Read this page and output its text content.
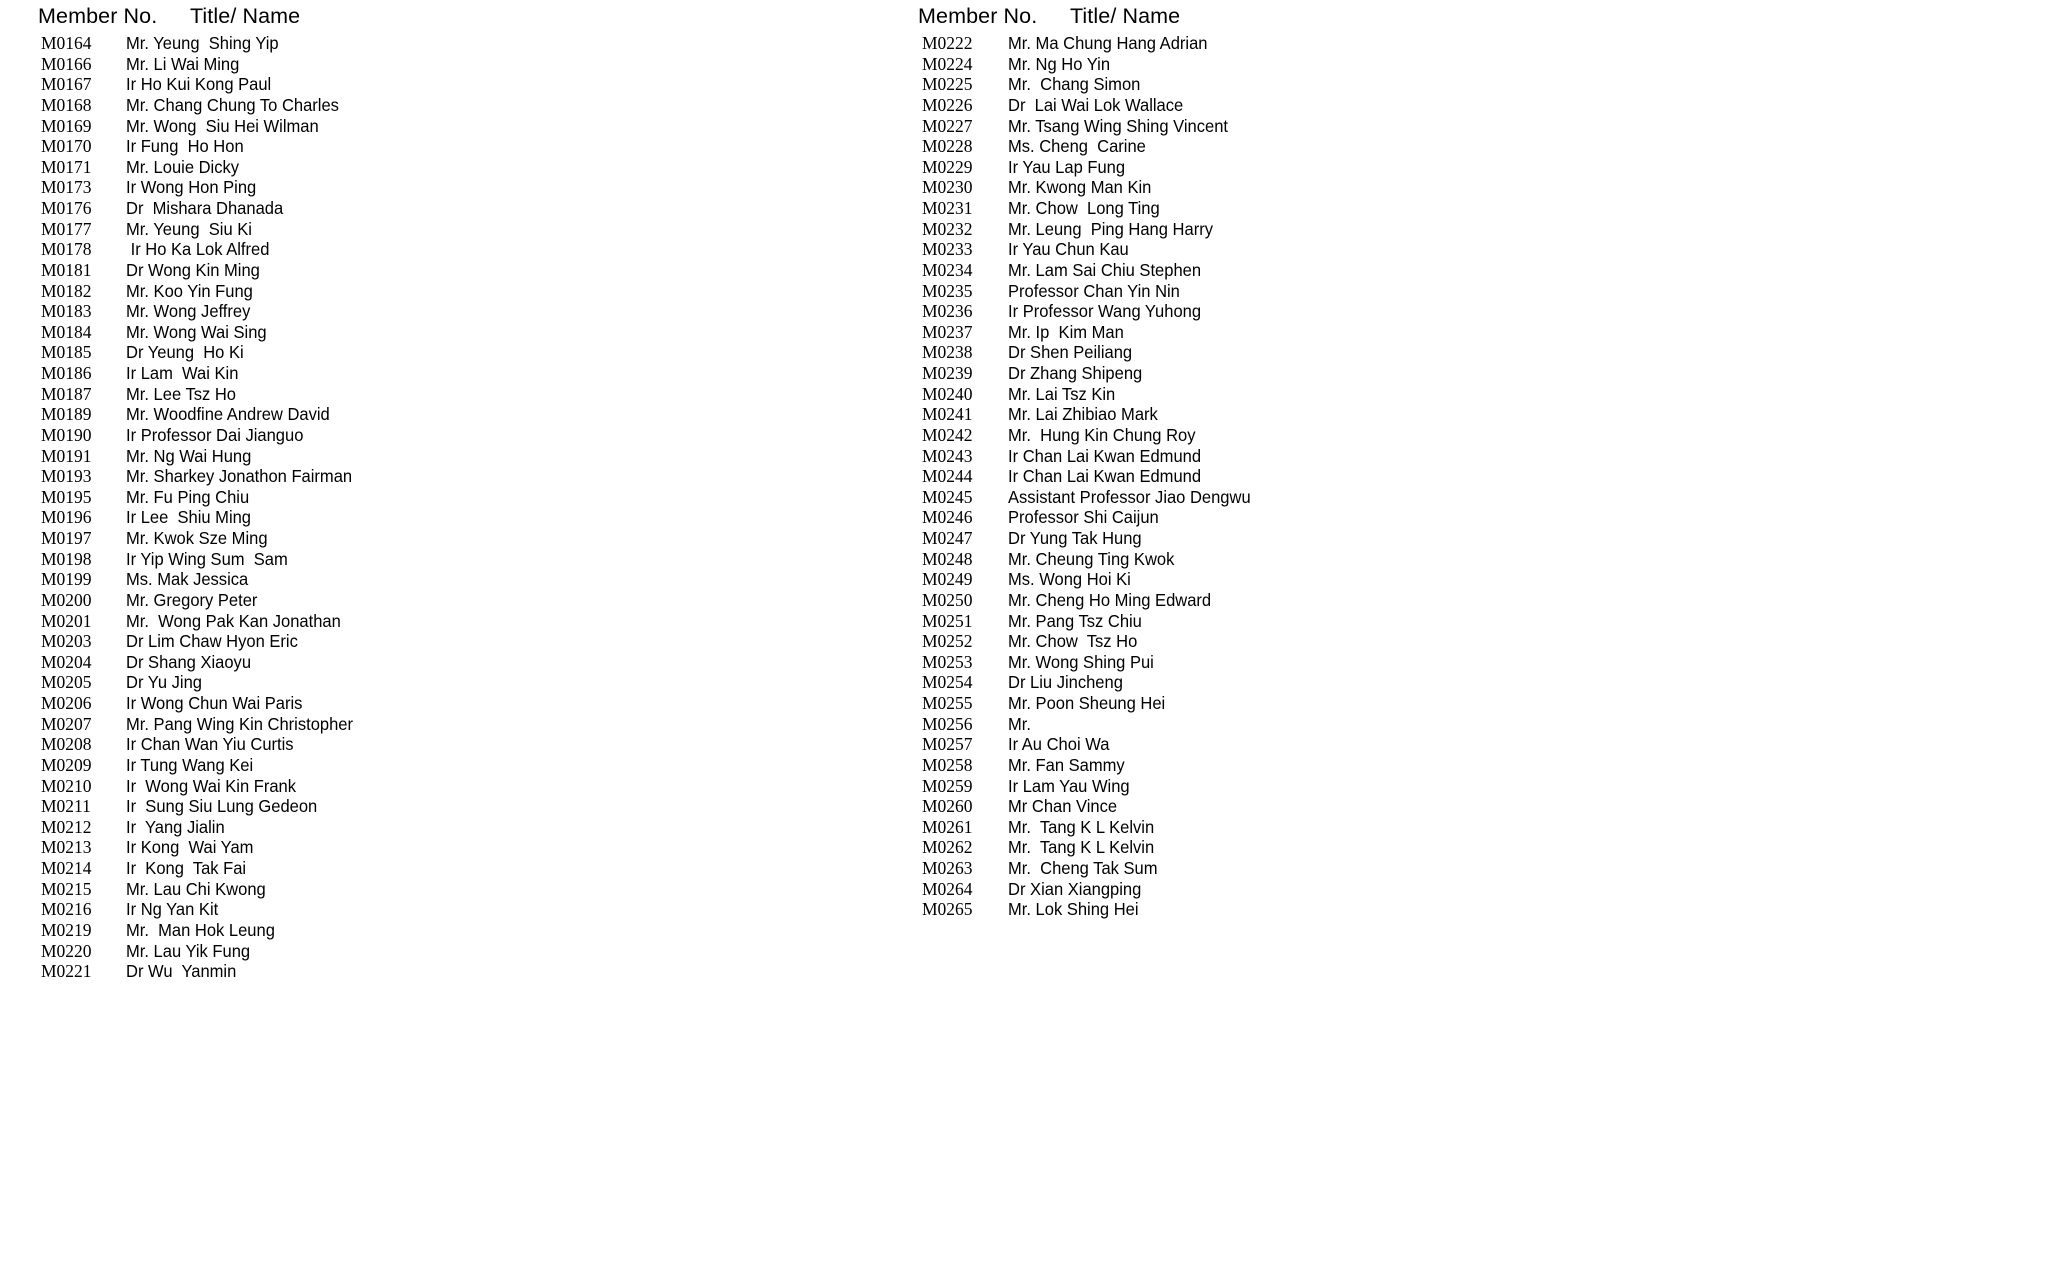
Member No. Title/ Name
M0164 Mr. Yeung  Shing Yip
M0166 Mr. Li Wai Ming
M0167 Ir Ho Kui Kong Paul
M0168 Mr. Chang Chung To Charles
M0169 Mr. Wong  Siu Hei Wilman
M0170 Ir Fung  Ho Hon
M0171 Mr. Louie Dicky
M0173 Ir Wong Hon Ping
M0176 Dr  Mishara Dhanada
M0177 Mr. Yeung  Siu Ki
M0178 Ir Ho Ka Lok Alfred
M0181 Dr Wong Kin Ming
M0182 Mr. Koo Yin Fung
M0183 Mr. Wong Jeffrey
M0184 Mr. Wong Wai Sing
M0185 Dr Yeung  Ho Ki
M0186 Ir Lam  Wai Kin
M0187 Mr. Lee Tsz Ho
M0189 Mr. Woodfine Andrew David
M0190 Ir Professor Dai Jianguo
M0191 Mr. Ng Wai Hung
M0193 Mr. Sharkey Jonathon Fairman
M0195 Mr. Fu Ping Chiu
M0196 Ir Lee  Shiu Ming
M0197 Mr. Kwok Sze Ming
M0198 Ir Yip Wing Sum  Sam
M0199 Ms. Mak Jessica
M0200 Mr. Gregory Peter
M0201 Mr.  Wong Pak Kan Jonathan
M0203 Dr Lim Chaw Hyon Eric
M0204 Dr Shang Xiaoyu
M0205 Dr Yu Jing
M0206 Ir Wong Chun Wai Paris
M0207 Mr. Pang Wing Kin Christopher
M0208 Ir Chan Wan Yiu Curtis
M0209 Ir Tung Wang Kei
M0210 Ir  Wong Wai Kin Frank
M0211 Ir  Sung Siu Lung Gedeon
M0212 Ir  Yang Jialin
M0213 Ir Kong  Wai Yam
M0214 Ir  Kong  Tak Fai
M0215 Mr. Lau Chi Kwong
M0216 Ir Ng Yan Kit
M0219 Mr.  Man Hok Leung
M0220 Mr. Lau Yik Fung
M0221 Dr Wu  Yanmin
Member No. Title/ Name
M0222 Mr. Ma Chung Hang Adrian
M0224 Mr. Ng Ho Yin
M0225 Mr.  Chang Simon
M0226 Dr  Lai Wai Lok Wallace
M0227 Mr. Tsang Wing Shing Vincent
M0228 Ms. Cheng  Carine
M0229 Ir Yau Lap Fung
M0230 Mr. Kwong Man Kin
M0231 Mr. Chow  Long Ting
M0232 Mr. Leung  Ping Hang Harry
M0233 Ir Yau Chun Kau
M0234 Mr. Lam Sai Chiu Stephen
M0235 Professor Chan Yin Nin
M0236 Ir Professor Wang Yuhong
M0237 Mr. Ip  Kim Man
M0238 Dr Shen Peiliang
M0239 Dr Zhang Shipeng
M0240 Mr. Lai Tsz Kin
M0241 Mr. Lai Zhibiao Mark
M0242 Mr.  Hung Kin Chung Roy
M0243 Ir Chan Lai Kwan Edmund
M0244 Ir Chan Lai Kwan Edmund
M0245 Assistant Professor Jiao Dengwu
M0246 Professor Shi Caijun
M0247 Dr Yung Tak Hung
M0248 Mr. Cheung Ting Kwok
M0249 Ms. Wong Hoi Ki
M0250 Mr. Cheng Ho Ming Edward
M0251 Mr. Pang Tsz Chiu
M0252 Mr. Chow  Tsz Ho
M0253 Mr. Wong Shing Pui
M0254 Dr Liu Jincheng
M0255 Mr. Poon Sheung Hei
M0256 Mr.
M0257 Ir Au Choi Wa
M0258 Mr. Fan Sammy
M0259 Ir Lam Yau Wing
M0260 Mr Chan Vince
M0261 Mr.  Tang K L Kelvin
M0262 Mr.  Tang K L Kelvin
M0263 Mr.  Cheng Tak Sum
M0264 Dr Xian Xiangping
M0265 Mr. Lok Shing Hei
